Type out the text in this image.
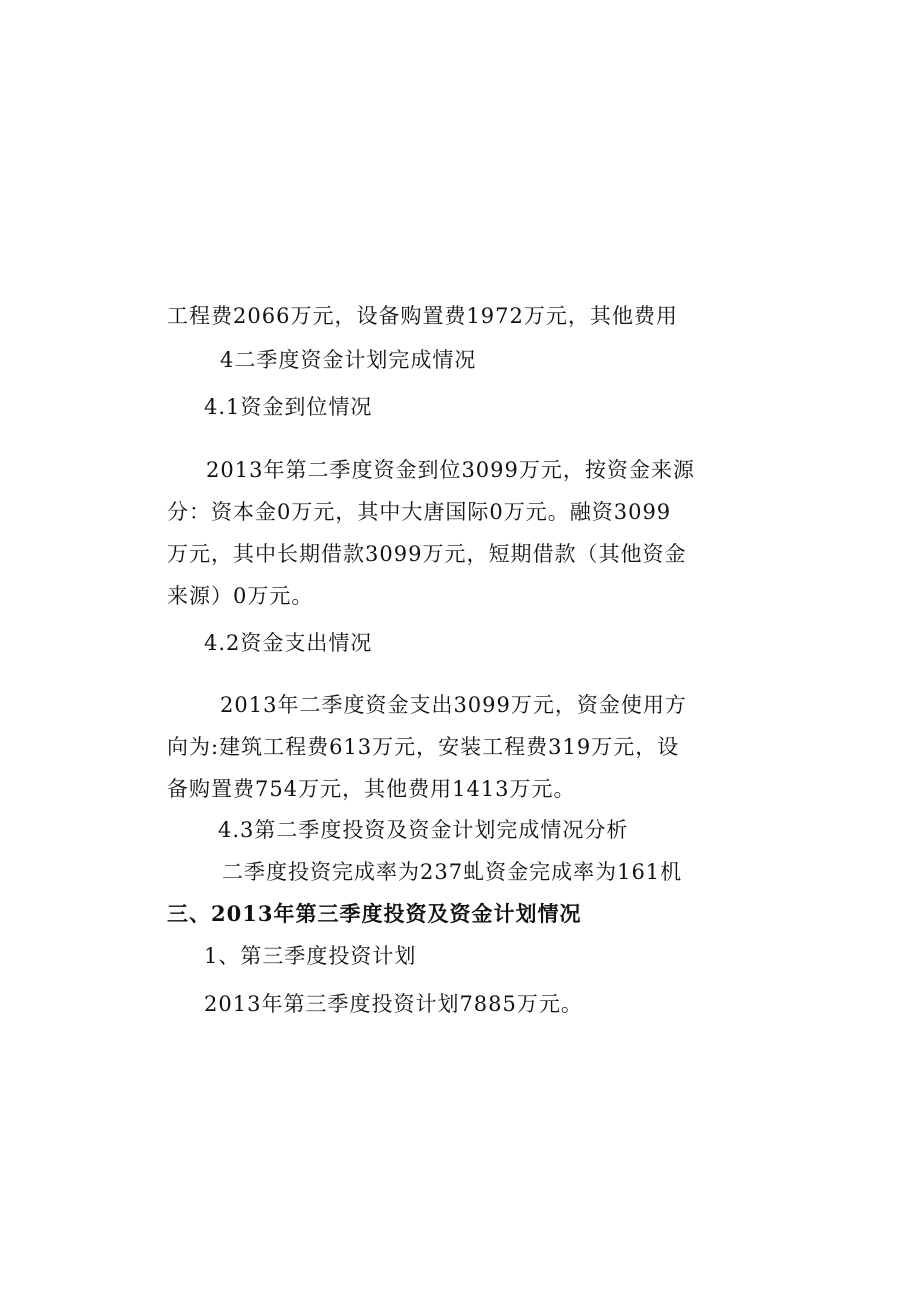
工程费2066万元，设备购置费1972万元，其他费用
4二季度资金计划完成情况
4.1资金到位情况
2013年第二季度资金到位3099万元，按资金来源
分：资本金0万元，其中大唐国际0万元。融资3099
万元，其中长期借款3099万元，短期借款（其他资金
来源）0万元。
4.2资金支出情况
2013年二季度资金支出3099万元，资金使用方
向为:建筑工程费613万元，安装工程费319万元，设
备购置费754万元，其他费用1413万元。
4.3第二季度投资及资金计划完成情况分析
二季度投资完成率为237虬资金完成率为161机
三、2013年第三季度投资及资金计划情况
1、第三季度投资计划
2013年第三季度投资计划7885万元。
